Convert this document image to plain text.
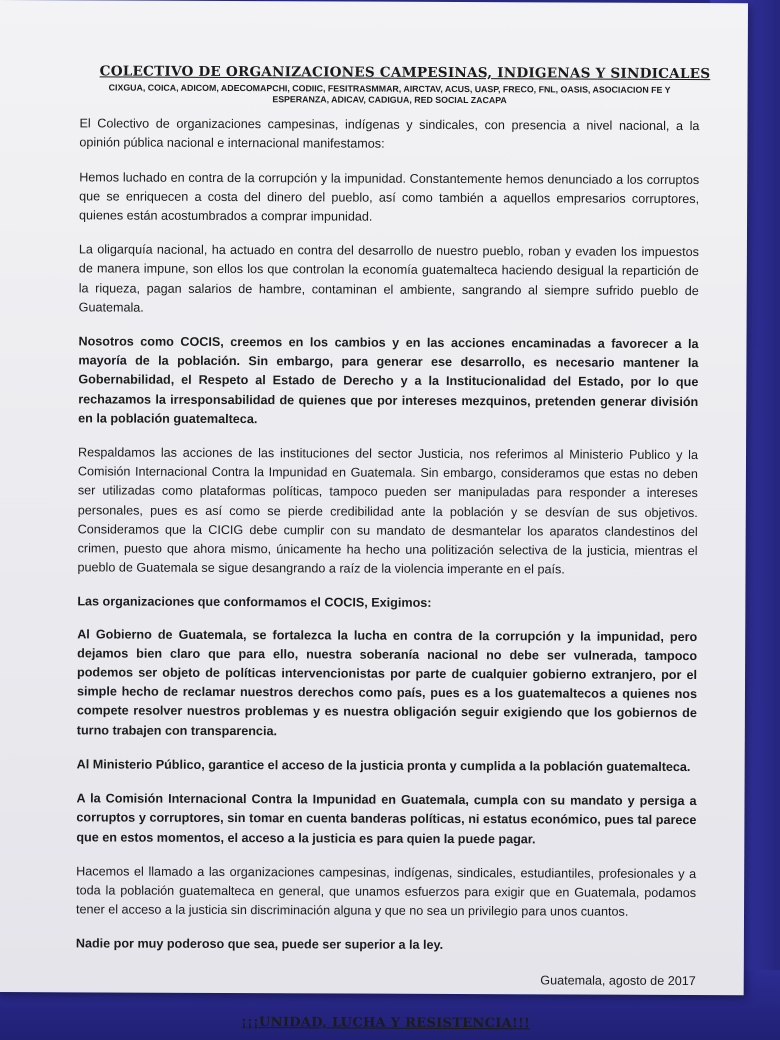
COLECTIVO DE ORGANIZACIONES CAMPESINAS, INDIGENAS Y SINDICALES
CIXGUA, COICA, ADICOM, ADECOMAPCHI, CODIIC, FESITRASMMAR, AIRCTAV, ACUS, UASP, FRECO, FNL, OASIS, ASOCIACION FE Y ESPERANZA, ADICAV, CADIGUA, RED SOCIAL ZACAPA

El Colectivo de organizaciones campesinas, indígenas y sindicales, con presencia a nivel nacional, a la opinión pública nacional e internacional manifestamos:

Hemos luchado en contra de la corrupción y la impunidad. Constantemente hemos denunciado a los corruptos que se enriquecen a costa del dinero del pueblo, así como también a aquellos empresarios corruptores, quienes están acostumbrados a comprar impunidad.

La oligarquía nacional, ha actuado en contra del desarrollo de nuestro pueblo, roban y evaden los impuestos de manera impune, son ellos los que controlan la economía guatemalteca haciendo desigual la repartición de la riqueza, pagan salarios de hambre, contaminan el ambiente, sangrando al siempre sufrido pueblo de Guatemala.

Nosotros como COCIS, creemos en los cambios y en las acciones encaminadas a favorecer a la mayoría de la población. Sin embargo, para generar ese desarrollo, es necesario mantener la Gobernabilidad, el Respeto al Estado de Derecho y a la Institucionalidad del Estado, por lo que rechazamos la irresponsabilidad de quienes que por intereses mezquinos, pretenden generar división en la población guatemalteca.

Respaldamos las acciones de las instituciones del sector Justicia, nos referimos al Ministerio Publico y la Comisión Internacional Contra la Impunidad en Guatemala. Sin embargo, consideramos que estas no deben ser utilizadas como plataformas políticas, tampoco pueden ser manipuladas para responder a intereses personales, pues es así como se pierde credibilidad ante la población y se desvían de sus objetivos. Consideramos que la CICIG debe cumplir con su mandato de desmantelar los aparatos clandestinos del crimen, puesto que ahora mismo, únicamente ha hecho una politización selectiva de la justicia, mientras el pueblo de Guatemala se sigue desangrando a raíz de la violencia imperante en el país.

Las organizaciones que conformamos el COCIS, Exigimos:

Al Gobierno de Guatemala, se fortalezca la lucha en contra de la corrupción y la impunidad, pero dejamos bien claro que para ello, nuestra soberanía nacional no debe ser vulnerada, tampoco podemos ser objeto de políticas intervencionistas por parte de cualquier gobierno extranjero, por el simple hecho de reclamar nuestros derechos como país, pues es a los guatemaltecos a quienes nos compete resolver nuestros problemas y es nuestra obligación seguir exigiendo que los gobiernos de turno trabajen con transparencia.

Al Ministerio Público, garantice el acceso de la justicia pronta y cumplida a la población guatemalteca.

A la Comisión Internacional Contra la Impunidad en Guatemala, cumpla con su mandato y persiga a corruptos y corruptores, sin tomar en cuenta banderas políticas, ni estatus económico, pues tal parece que en estos momentos, el acceso a la justicia es para quien la puede pagar.

Hacemos el llamado a las organizaciones campesinas, indígenas, sindicales, estudiantiles, profesionales y a toda la población guatemalteca en general, que unamos esfuerzos para exigir que en Guatemala, podamos tener el acceso a la justicia sin discriminación alguna y que no sea un privilegio para unos cuantos.

Nadie por muy poderoso que sea, puede ser superior a la ley.

Guatemala, agosto de 2017
¡¡¡UNIDAD, LUCHA Y RESISTENCIA!!!
